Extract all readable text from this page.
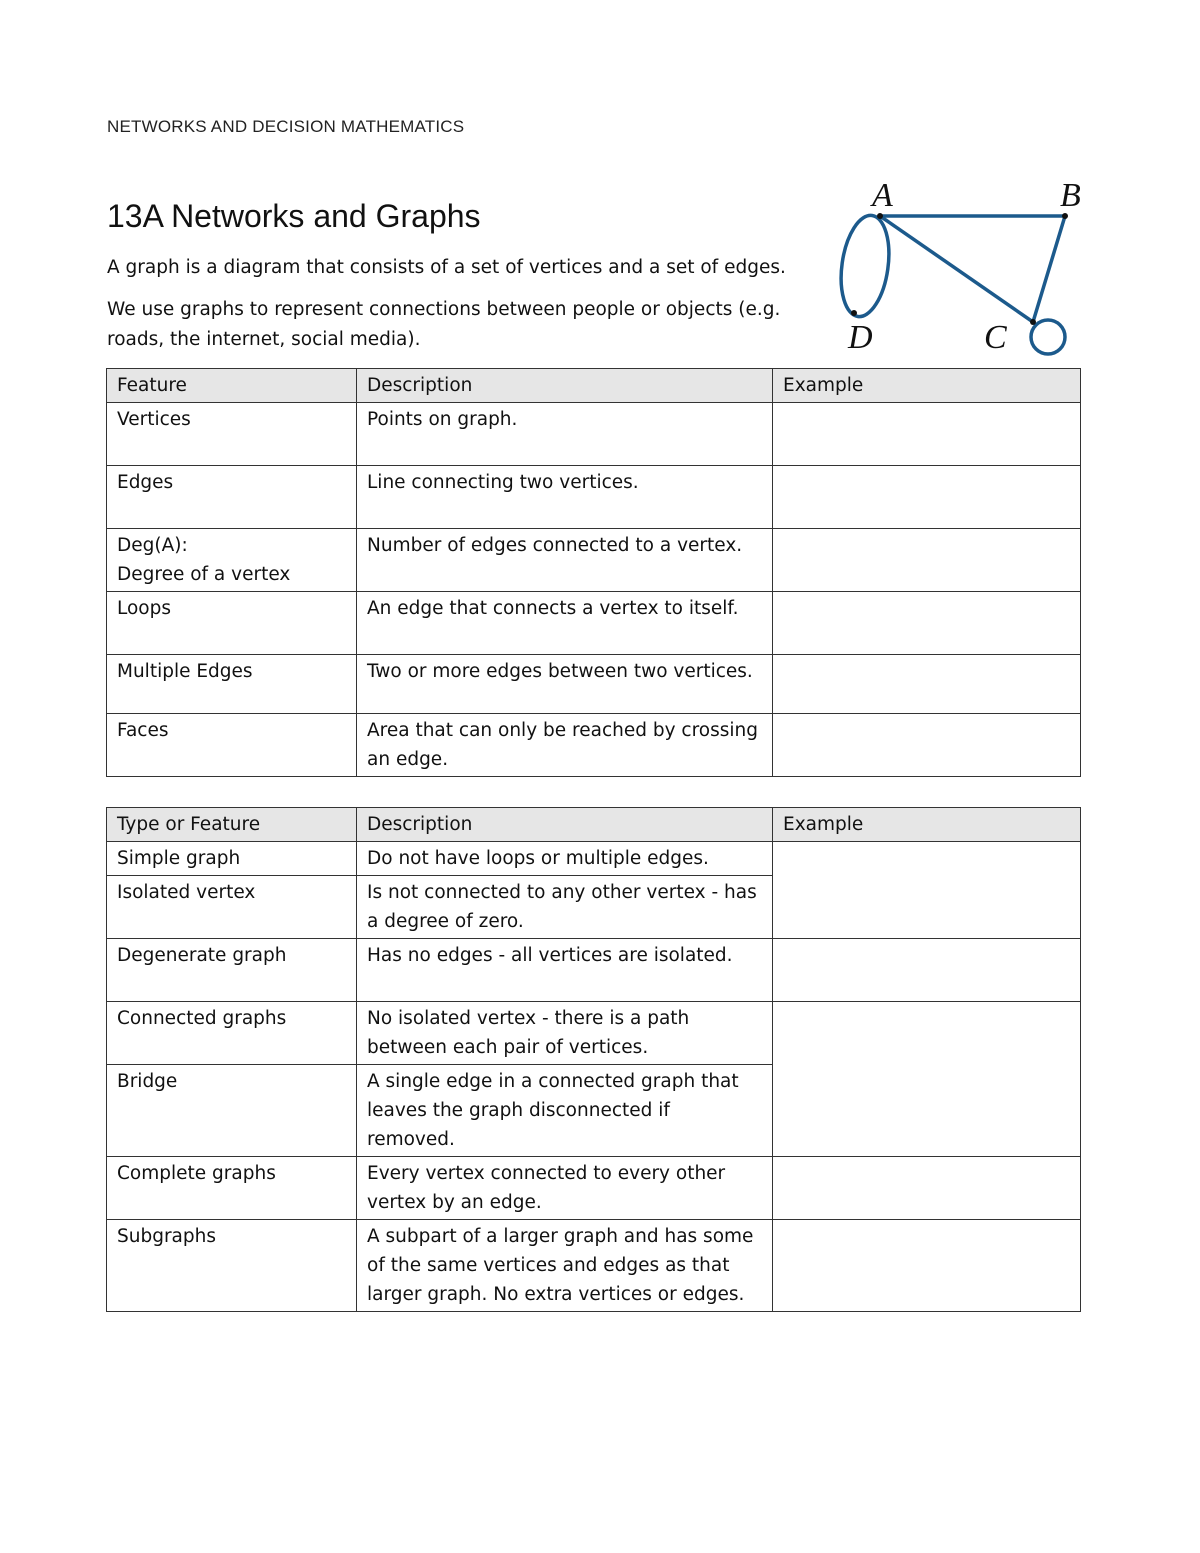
NETWORKS AND DECISION MATHEMATICS
13A Networks and Graphs

A graph is a diagram that consists of a set of vertices and a set of edges.

We use graphs to represent connections between people or objects (e.g. roads, the internet, social media).

A	B
C
D
Feature	Description	Example
Vertices	Points on graph.	
Edges	Line connecting two vertices.	
Deg(A):
Degree of a vertex	Number of edges connected to a vertex.	
Loops	An edge that connects a vertex to itself.	
Multiple Edges	Two or more edges between two vertices.	
Faces	Area that can only be reached by crossing an edge.	
Type or Feature	Description	Example
Simple graph	Do not have loops or multiple edges.	
Isolated vertex	Is not connected to any other vertex - has a degree of zero.	
Degenerate graph	Has no edges - all vertices are isolated.	
Connected graphs	No isolated vertex - there is a path between each pair of vertices.	
Bridge	A single edge in a connected graph that leaves the graph disconnected if removed.	
Complete graphs	Every vertex connected to every other vertex by an edge.	
Subgraphs	A subpart of a larger graph and has some of the same vertices and edges as that larger graph. No extra vertices or edges.	
